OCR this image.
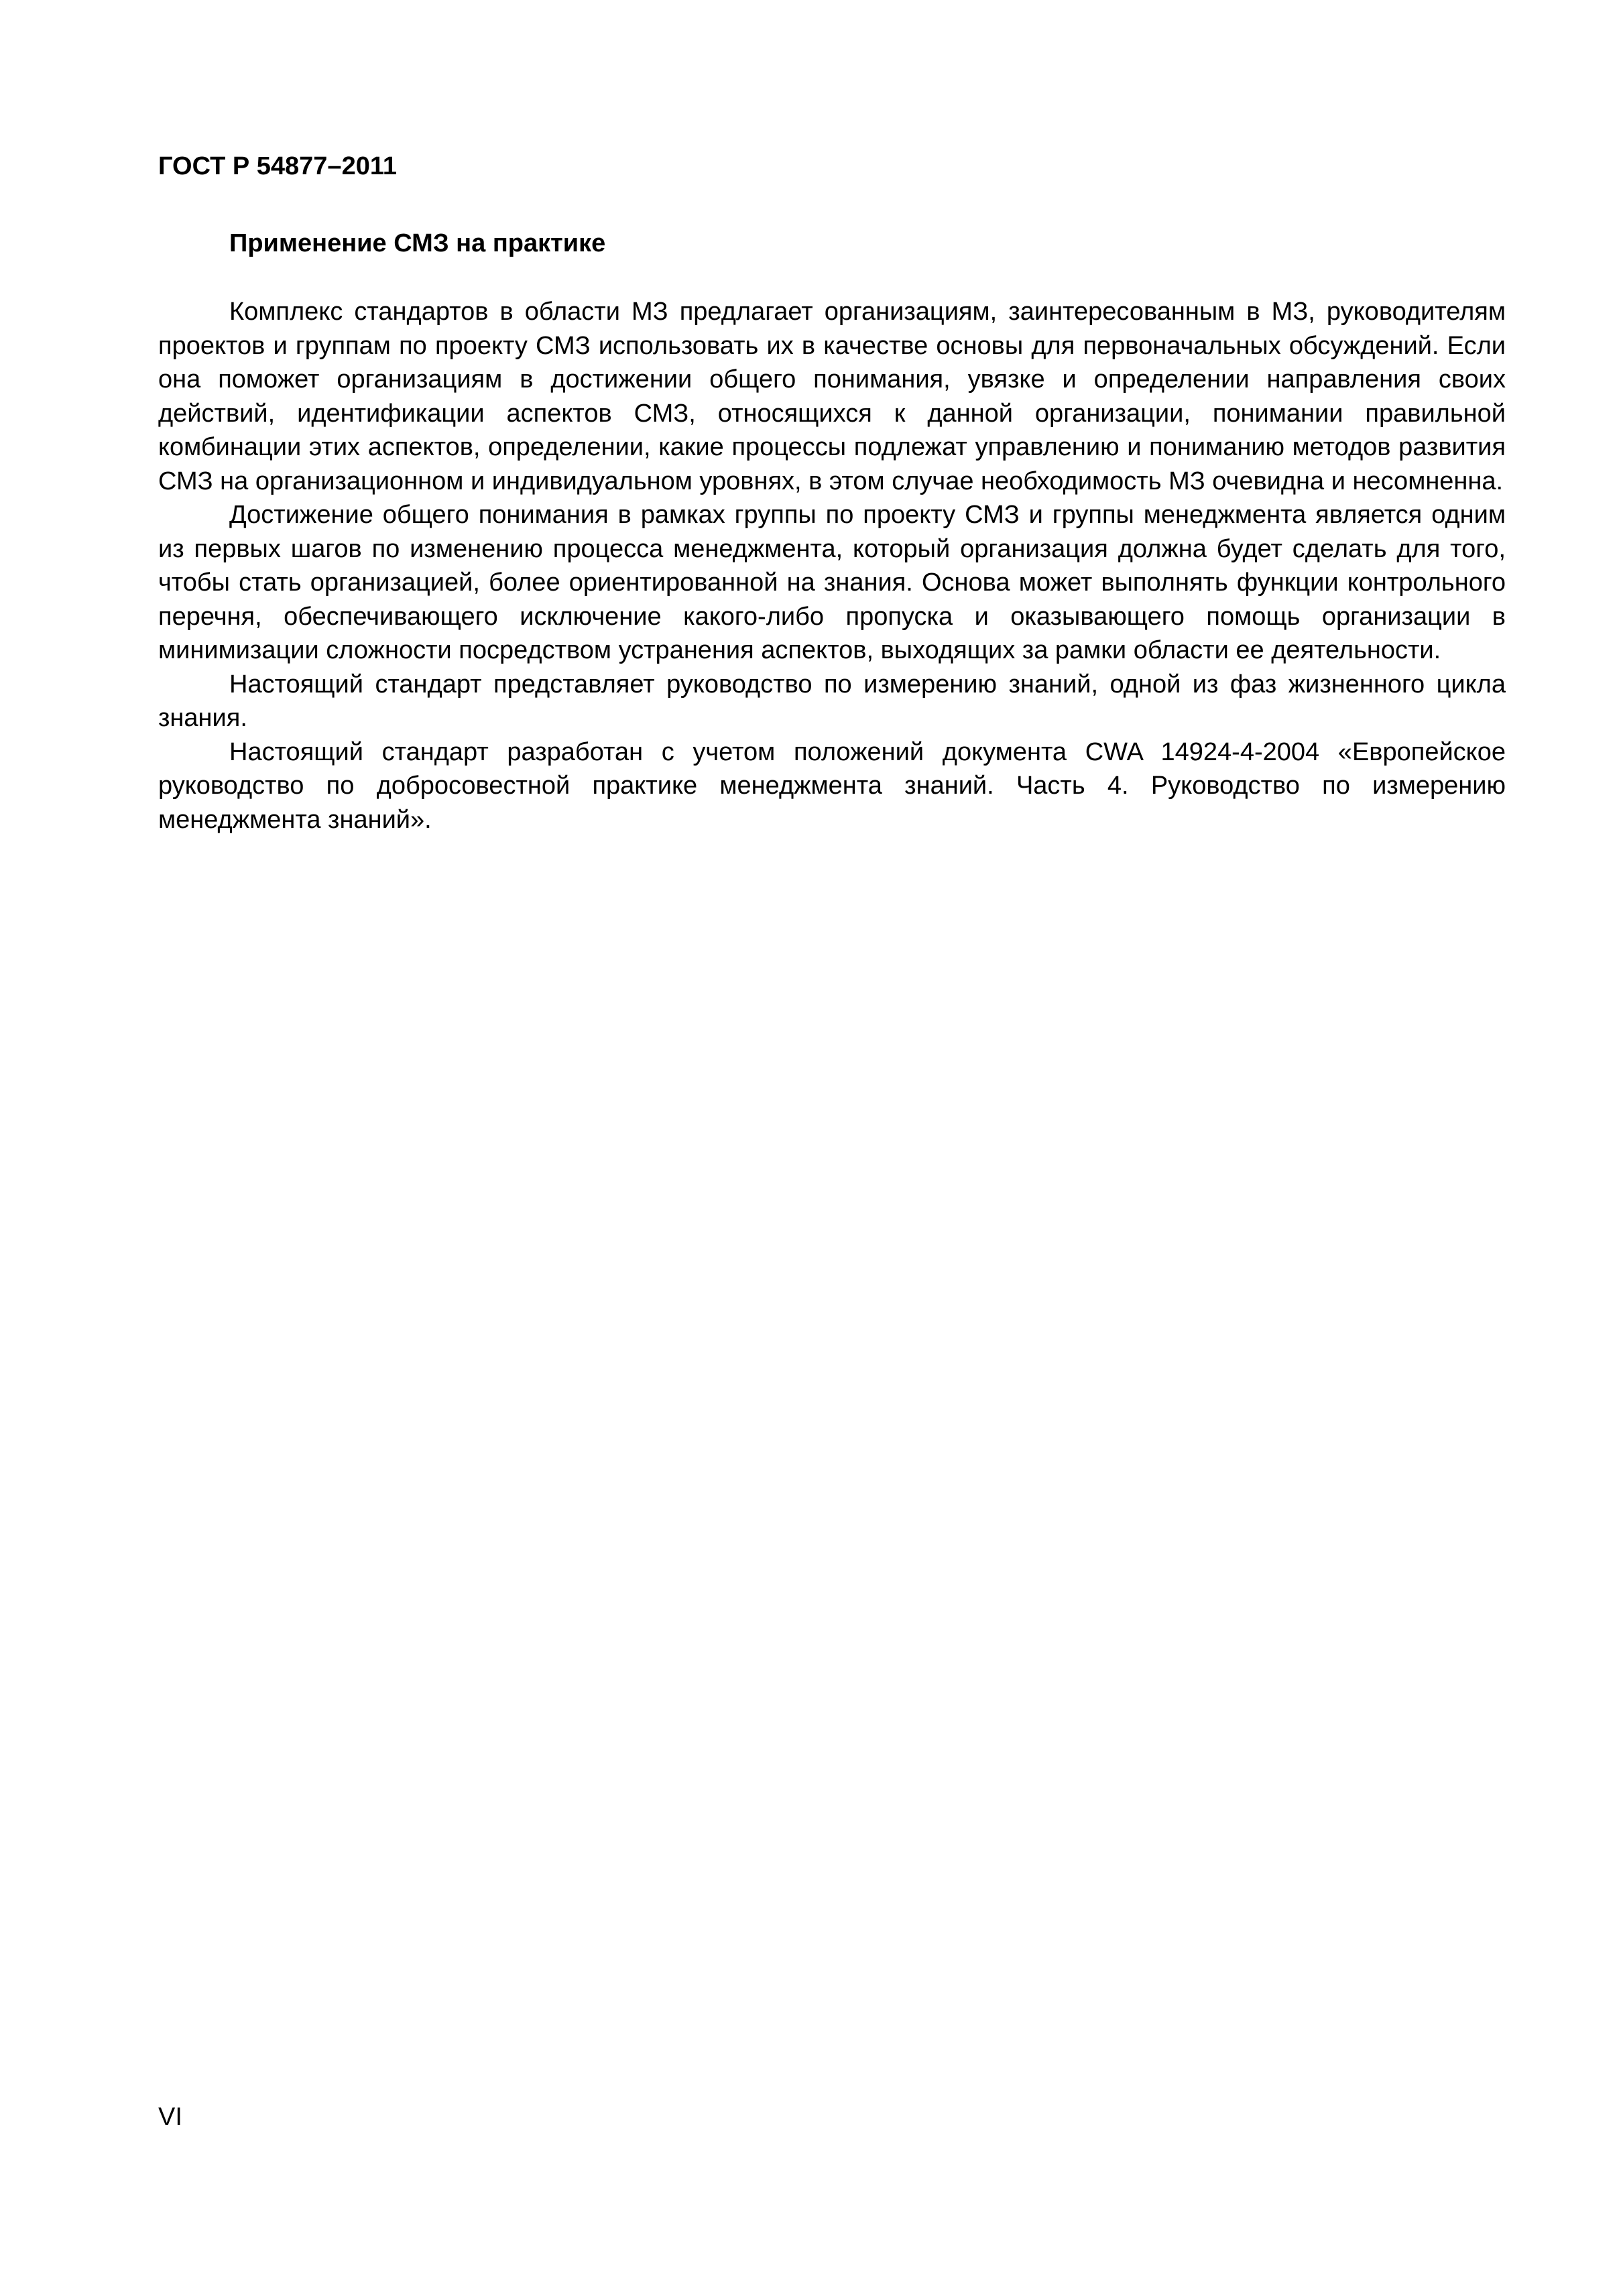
ГОСТ Р 54877–2011
Применение СМЗ на практике

Комплекс стандартов в области МЗ предлагает организациям, заинтересованным в МЗ, руководителям проектов и группам по проекту СМЗ использовать их в качестве основы для первоначальных обсуждений. Если она поможет организациям в достижении общего понимания, увязке и определении направления своих действий, идентификации аспектов СМЗ, относящихся к данной организации, понимании правильной комбинации этих аспектов, определении, какие процессы подлежат управлению и пониманию методов развития СМЗ на организационном и индивидуальном уровнях, в этом случае необходимость МЗ очевидна и несомненна.

Достижение общего понимания в рамках группы по проекту СМЗ и группы менеджмента является одним из первых шагов по изменению процесса менеджмента, который организация должна будет сделать для того, чтобы стать организацией, более ориентированной на знания. Основа может выполнять функции контрольного перечня, обеспечивающего исключение какого-либо пропуска и оказывающего помощь организации в минимизации сложности посредством устранения аспектов, выходящих за рамки области ее деятельности.

Настоящий стандарт представляет руководство по измерению знаний, одной из фаз жизненного цикла знания.

Настоящий стандарт разработан с учетом положений документа CWA 14924-4-2004 «Европейское руководство по добросовестной практике менеджмента знаний. Часть 4. Руководство по измерению менеджмента знаний».

VI
